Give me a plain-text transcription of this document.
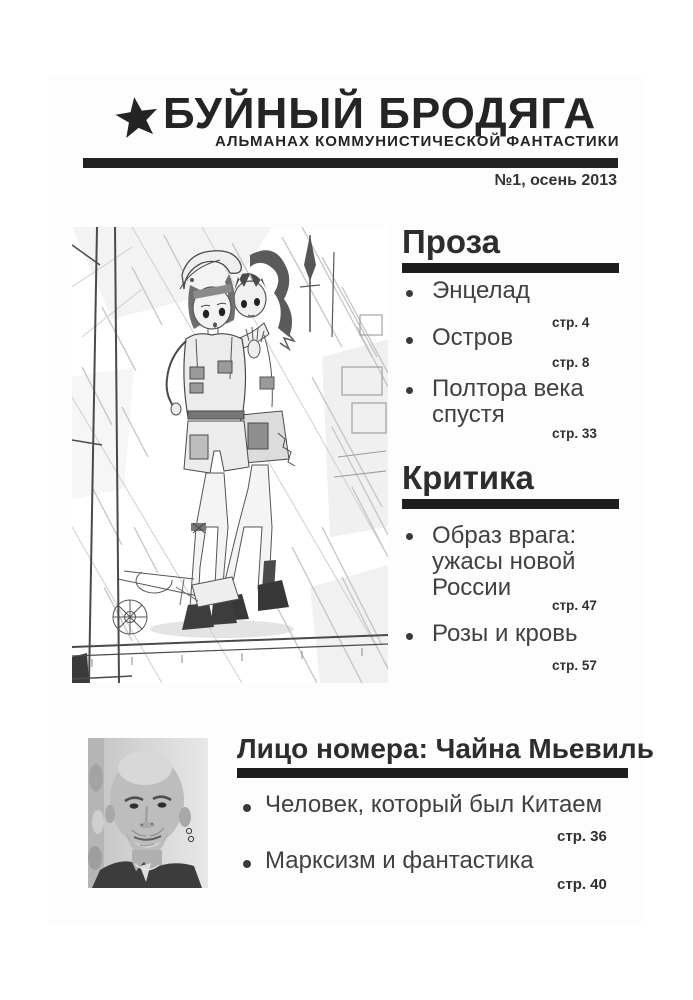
БУЙНЫЙ БРОДЯГА
АЛЬМАНАХ КОММУНИСТИЧЕСКОЙ ФАНТАСТИКИ
№1, осень 2013
Проза
Энцелад
стр. 4
Остров
стр. 8
Полтора века спустя
стр. 33
Критика
Образ врага: ужасы новой России
стр. 47
Розы и кровь
стр. 57
Лицо номера: Чайна Мьевиль
Человек, который был Китаем
стр. 36
Марксизм и фантастика
стр. 40
